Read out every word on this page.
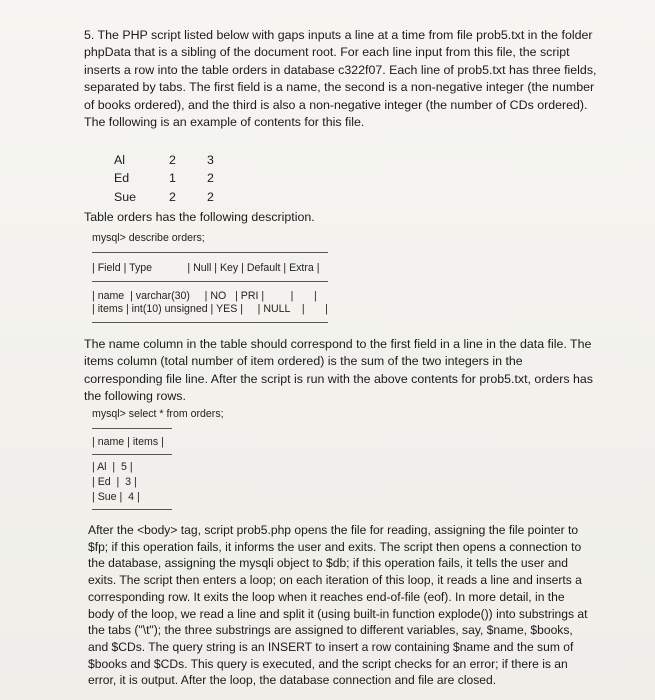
5. The PHP script listed below with gaps inputs a line at a time from file prob5.txt in the folder phpData that is a sibling of the document root. For each line input from this file, the script inserts a row into the table orders in database c322f07. Each line of prob5.txt has three fields, separated by tabs. The first field is a name, the second is a non-negative integer (the number of books ordered), and the third is also a non-negative integer (the number of CDs ordered). The following is an example of contents for this file.

Al	2	3
Ed	1	2
Sue	2	2
Table orders has the following description.
mysql> describe orders;
| Field | Type            | Null | Key | Default | Extra |
| name  | varchar(30)     | NO   | PRI |         |       |
| items | int(10) unsigned | YES |     | NULL    |       |

The name column in the table should correspond to the first field in a line in the data file. The items column (total number of item ordered) is the sum of the two integers in the corresponding file line. After the script is run with the above contents for prob5.txt, orders has the following rows.

mysql> select * from orders;
| name | items |
| Al  |  5 |
| Ed  |  3 |
| Sue |  4 |

After the <body> tag, script prob5.php opens the file for reading, assigning the file pointer to $fp; if this operation fails, it informs the user and exits. The script then opens a connection to the database, assigning the mysqli object to $db; if this operation fails, it tells the user and exits. The script then enters a loop; on each iteration of this loop, it reads a line and inserts a corresponding row. It exits the loop when it reaches end-of-file (eof). In more detail, in the body of the loop, we read a line and split it (using built-in function explode()) into substrings at the tabs ("\t"); the three substrings are assigned to different variables, say, $name, $books, and $CDs. The query string is an INSERT to insert a row containing $name and the sum of $books and $CDs. This query is executed, and the script checks for an error; if there is an error, it is output. After the loop, the database connection and file are closed.
